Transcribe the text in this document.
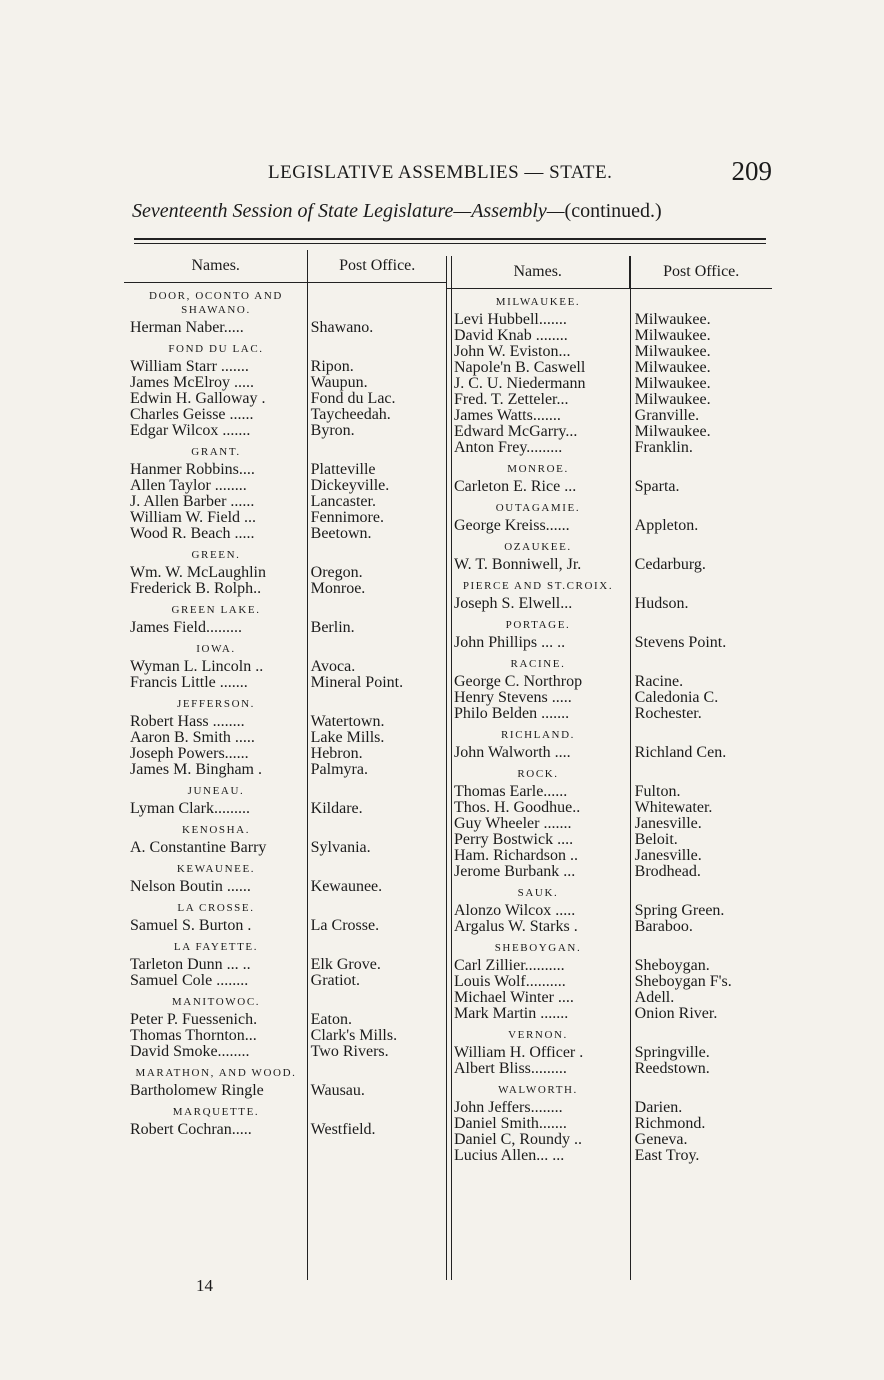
LEGISLATIVE ASSEMBLIES — STATE.	209
Seventeenth Session of State Legislature—Assembly—(continued.)
Names.	Post Office.
DOOR, OCONTO AND SHAWANO.
Herman Naber.....	Shawano.
FOND DU LAC.
William Starr .......	Ripon.
James McElroy .....	Waupun.
Edwin H. Galloway .	Fond du Lac.
Charles Geisse ......	Taycheedah.
Edgar Wilcox .......	Byron.
GRANT.
Hanmer Robbins....	Platteville
Allen Taylor ........	Dickeyville.
J. Allen Barber ......	Lancaster.
William W. Field ...	Fennimore.
Wood R. Beach .....	Beetown.
GREEN.
Wm. W. McLaughlin	Oregon.
Frederick B. Rolph..	Monroe.
GREEN LAKE.
James Field.........	Berlin.
IOWA.
Wyman L. Lincoln ..	Avoca.
Francis Little .......	Mineral Point.
JEFFERSON.
Robert Hass ........	Watertown.
Aaron B. Smith .....	Lake Mills.
Joseph Powers......	Hebron.
James M. Bingham .	Palmyra.
JUNEAU.
Lyman Clark.........	Kildare.
KENOSHA.
A. Constantine Barry	Sylvania.
KEWAUNEE.
Nelson Boutin ......	Kewaunee.
LA CROSSE.
Samuel S. Burton .	La Crosse.
LA FAYETTE.
Tarleton Dunn ... ..	Elk Grove.
Samuel Cole ........	Gratiot.
MANITOWOC.
Peter P. Fuessenich.	Eaton.
Thomas Thornton...	Clark's Mills.
David Smoke........	Two Rivers.
MARATHON, AND WOOD.
Bartholomew Ringle	Wausau.
MARQUETTE.
Robert Cochran.....	Westfield.
Names.	Post Office.
MILWAUKEE.
Levi Hubbell.......	Milwaukee.
David Knab ........	Milwaukee.
John W. Eviston...	Milwaukee.
Napole'n B. Caswell	Milwaukee.
J. C. U. Niedermann	Milwaukee.
Fred. T. Zetteler...	Milwaukee.
James Watts.......	Granville.
Edward McGarry...	Milwaukee.
Anton Frey.........	Franklin.
MONROE.
Carleton E. Rice ...	Sparta.
OUTAGAMIE.
George Kreiss......	Appleton.
OZAUKEE.
W. T. Bonniwell, Jr.	Cedarburg.
PIERCE AND ST.CROIX.
Joseph S. Elwell...	Hudson.
PORTAGE.
John Phillips ... ..	Stevens Point.
RACINE.
George C. Northrop	Racine.
Henry Stevens .....	Caledonia C.
Philo Belden .......	Rochester.
RICHLAND.
John Walworth ....	Richland Cen.
ROCK.
Thomas Earle......	Fulton.
Thos. H. Goodhue..	Whitewater.
Guy Wheeler .......	Janesville.
Perry Bostwick ....	Beloit.
Ham. Richardson ..	Janesville.
Jerome Burbank ...	Brodhead.
SAUK.
Alonzo Wilcox .....	Spring Green.
Argalus W. Starks .	Baraboo.
SHEBOYGAN.
Carl Zillier..........	Sheboygan.
Louis Wolf..........	Sheboygan F's.
Michael Winter ....	Adell.
Mark Martin .......	Onion River.
VERNON.
William H. Officer .	Springville.
Albert Bliss.........	Reedstown.
WALWORTH.
John Jeffers........	Darien.
Daniel Smith.......	Richmond.
Daniel C, Roundy ..	Geneva.
Lucius Allen... ...	East Troy.
14
